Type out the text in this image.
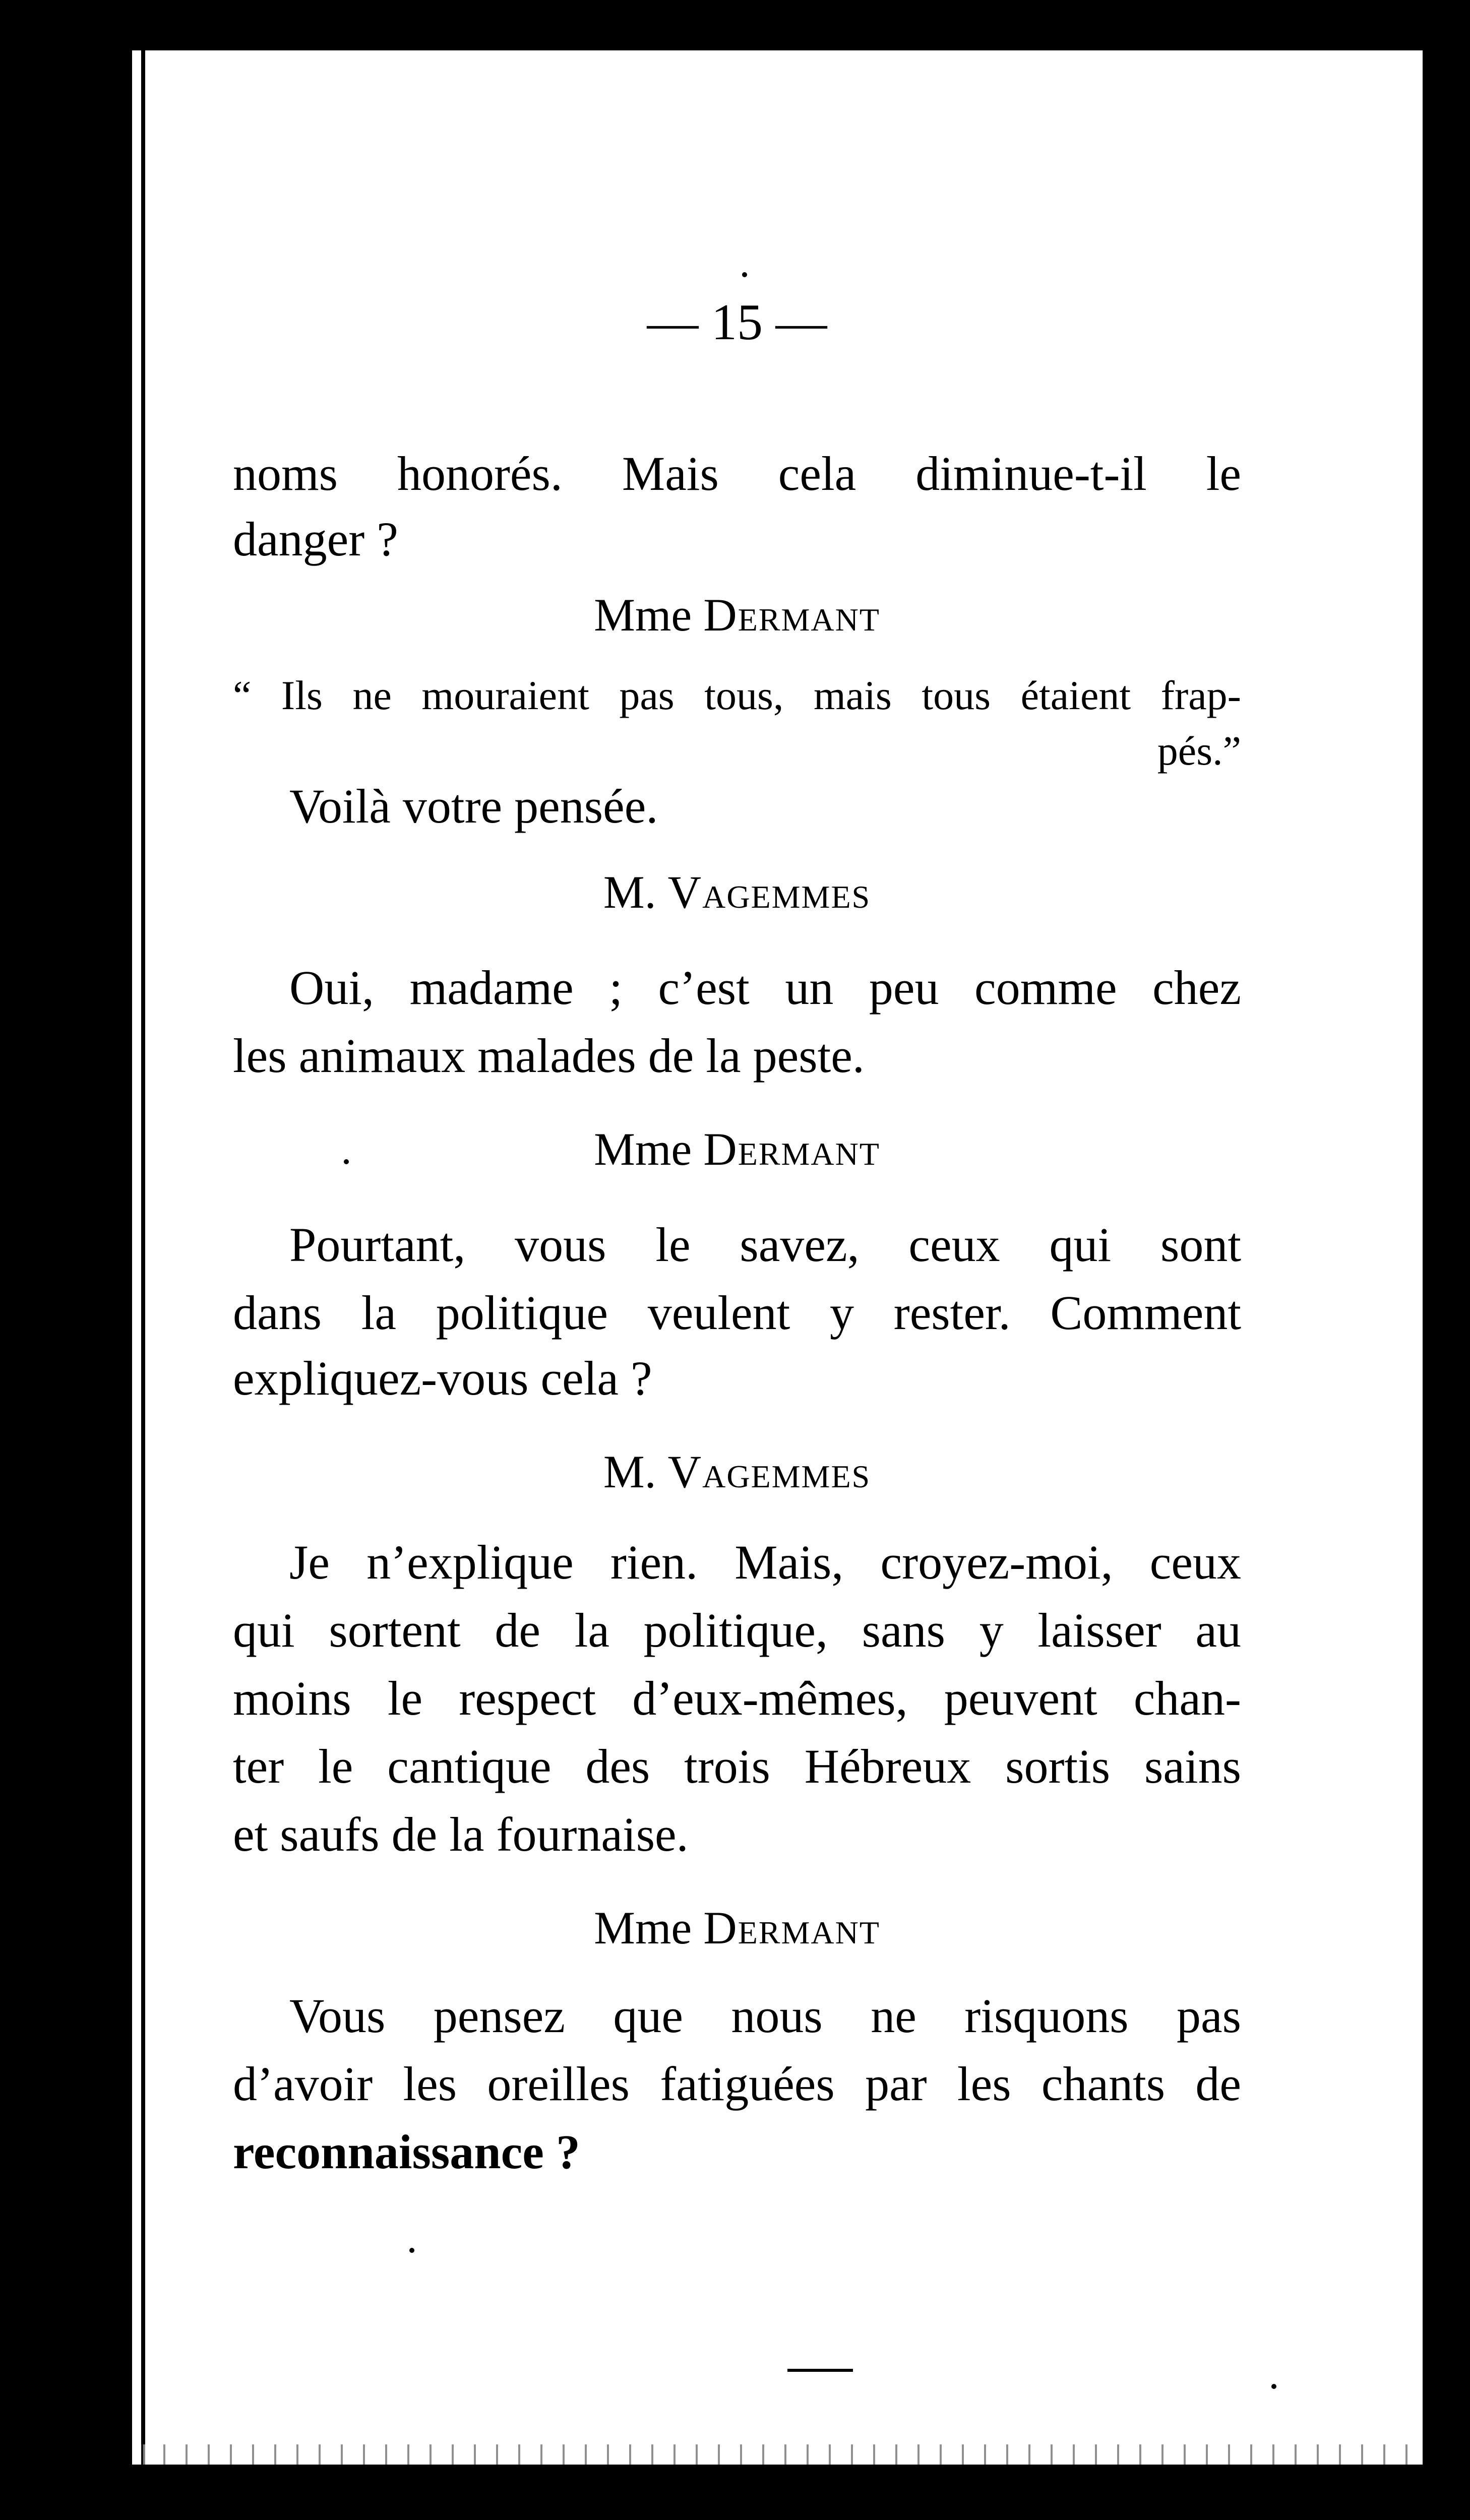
— 15 —
noms honorés. Mais cela diminue-t-il le
danger ?
Mme Dermant
“ Ils ne mouraient pas tous, mais tous étaient frap-
pés.”
Voilà votre pensée.
M. Vagemmes
Oui, madame ; c’est un peu comme chez
les animaux malades de la peste.
Mme Dermant
Pourtant, vous le savez, ceux qui sont
dans la politique veulent y rester. Comment
expliquez-vous cela ?
M. Vagemmes
Je n’explique rien. Mais, croyez-moi, ceux
qui sortent de la politique, sans y laisser au
moins le respect d’eux-mêmes, peuvent chan-
ter le cantique des trois Hébreux sortis sains
et saufs de la fournaise.
Mme Dermant
Vous pensez que nous ne risquons pas
d’avoir les oreilles fatiguées par les chants de
reconnaissance ?
